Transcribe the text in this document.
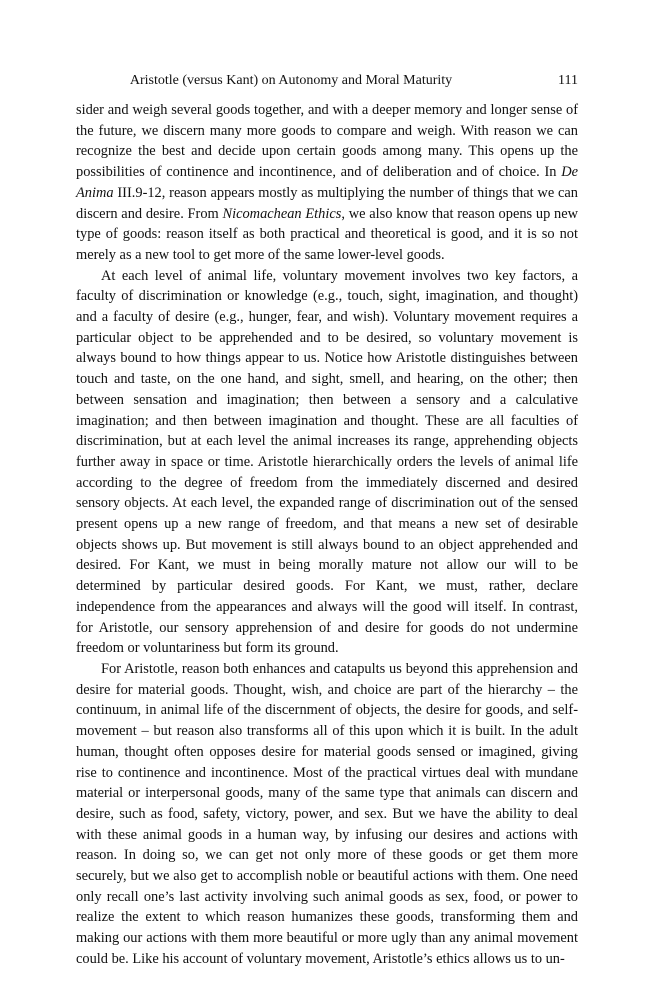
Aristotle (versus Kant) on Autonomy and Moral Maturity	111

sider and weigh several goods together, and with a deeper memory and longer sense of the future, we discern many more goods to compare and weigh. With reason we can recognize the best and decide upon certain goods among many. This opens up the possibilities of continence and incontinence, and of deliberation and of choice. In De Anima III.9-12, reason appears mostly as multiplying the number of things that we can discern and desire. From Nicomachean Ethics, we also know that reason opens up new type of goods: reason itself as both practical and theoretical is good, and it is so not merely as a new tool to get more of the same lower-level goods.

At each level of animal life, voluntary movement involves two key factors, a faculty of discrimination or knowledge (e.g., touch, sight, imagination, and thought) and a faculty of desire (e.g., hunger, fear, and wish). Voluntary movement requires a particular object to be apprehended and to be desired, so voluntary movement is always bound to how things appear to us. Notice how Aristotle distinguishes between touch and taste, on the one hand, and sight, smell, and hearing, on the other; then between sensation and imagination; then between a sensory and a calculative imagination; and then between imagination and thought. These are all faculties of discrimination, but at each level the animal increases its range, apprehending objects further away in space or time. Aristotle hierarchically orders the levels of animal life according to the degree of freedom from the immediately discerned and desired sensory objects. At each level, the expanded range of discrimination out of the sensed present opens up a new range of freedom, and that means a new set of desirable objects shows up. But movement is still always bound to an object apprehended and desired. For Kant, we must in being morally mature not allow our will to be determined by particular desired goods. For Kant, we must, rather, declare independence from the appearances and always will the good will itself. In contrast, for Aristotle, our sensory apprehension of and desire for goods do not undermine freedom or voluntariness but form its ground.

For Aristotle, reason both enhances and catapults us beyond this apprehension and desire for material goods. Thought, wish, and choice are part of the hierarchy – the continuum, in animal life of the discernment of objects, the desire for goods, and self-movement – but reason also transforms all of this upon which it is built. In the adult human, thought often opposes desire for material goods sensed or imagined, giving rise to continence and incontinence. Most of the practical virtues deal with mundane material or interpersonal goods, many of the same type that animals can discern and desire, such as food, safety, victory, power, and sex. But we have the ability to deal with these animal goods in a human way, by infusing our desires and actions with reason. In doing so, we can get not only more of these goods or get them more securely, but we also get to accomplish noble or beautiful actions with them. One need only recall one’s last activity involving such animal goods as sex, food, or power to realize the extent to which reason humanizes these goods, transforming them and making our actions with them more beautiful or more ugly than any animal movement could be. Like his account of voluntary movement, Aristotle’s ethics allows us to un-
